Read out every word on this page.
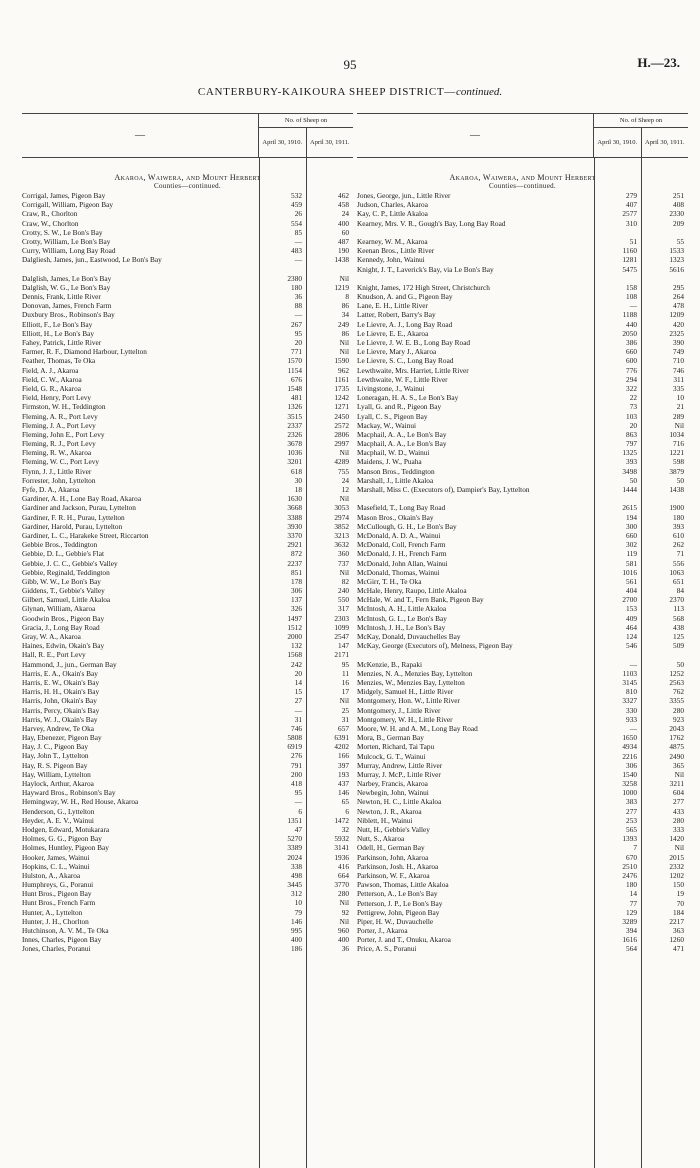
95	H.—23.
CANTERBURY-KAIKOURA SHEEP DISTRICT—continued.
—
No. of Sheep on
April 30, 1910.	April 30, 1911.
Akaroa, Waiwera, and Mount Herbert
Counties—continued.
Corrigal, James, Pigeon Bay	532	462
Corrigall, William, Pigeon Bay	459	458
Craw, R., Chorlton	26	24
Craw, W., Chorlton	554	400
Crotty, S. W., Le Bon's Bay	85	60
Crotty, William, Le Bon's Bay	—	487
Curry, William, Long Bay Road	483	190
Dalgliesh, James, jun., Eastwood, Le Bon's Bay	—	1438
Dalglish, James, Le Bon's Bay	2380	Nil
Dalglish, W. G., Le Bon's Bay	180	1219
Dennis, Frank, Little River	36	8
Donovan, James, French Farm	88	86
Duxbury Bros., Robinson's Bay	—	34
Elliott, F., Le Bon's Bay	267	249
Elliott, H., Le Bon's Bay	95	86
Fahey, Patrick, Little River	20	Nil
Farmer, R. F., Diamond Harbour, Lyttelton	771	Nil
Feather, Thomas, Te Oka	1570	1590
Field, A. J., Akaroa	1154	962
Field, C. W., Akaroa	676	1161
Field, G. R., Akaroa	1548	1735
Field, Henry, Port Levy	481	1242
Firmston, W. H., Teddington	1326	1271
Fleming, A. R., Port Levy	3515	2450
Fleming, J. A., Port Levy	2337	2572
Fleming, John E., Port Levy	2326	2806
Fleming, R. J., Port Levy	3678	2997
Fleming, R. W., Akaroa	1036	Nil
Fleming, W. C., Port Levy	3201	4289
Flynn, J. J., Little River	618	755
Forrester, John, Lyttelton	30	24
Fyfe, D. A., Akaroa	18	12
Gardiner, A. H., Lone Bay Road, Akaroa	1630	Nil
Gardiner and Jackson, Purau, Lyttelton	3668	3053
Gardiner, F. R. H., Purau, Lyttelton	3388	2974
Gardiner, Harold, Purau, Lyttelton	3930	3852
Gardiner, L. C., Harakeke Street, Riccarton	3370	3213
Gebbie Bros., Teddington	2921	3632
Gebbie, D. L., Gebbie's Flat	872	360
Gebbie, J. C. C., Gebbie's Valley	2237	737
Gebbie, Reginald, Teddington	851	Nil
Gibb, W. W., Le Bon's Bay	178	82
Giddens, T., Gebbie's Valley	306	240
Gilbert, Samuel, Little Akaloa	137	550
Glynan, William, Akaroa	326	317
Goodwin Bros., Pigeon Bay	1497	2303
Gracia, J., Long Bay Road	1512	1099
Gray, W. A., Akaroa	2000	2547
Haines, Edwin, Okain's Bay	132	147
Hall, R. E., Port Levy	1568	2171
Hammond, J., jun., German Bay	242	95
Harris, E. A., Okain's Bay	20	11
Harris, E. W., Okain's Bay	14	16
Harris, H. H., Okain's Bay	15	17
Harris, John, Okain's Bay	27	Nil
Harris, Percy, Okain's Bay	—	25
Harris, W. J., Okain's Bay	31	31
Harvey, Andrew, Te Oka	746	657
Hay, Ebenezer, Pigeon Bay	5808	6391
Hay, J. C., Pigeon Bay	6919	4202
Hay, John T., Lyttelton	276	166
Hay, R. S. Pigeon Bay	791	397
Hay, William, Lyttelton	200	193
Haylock, Arthur, Akaroa	418	437
Hayward Bros., Robinson's Bay	95	146
Hemingway, W. H., Red House, Akaroa	—	65
Henderson, G., Lyttelton	6	6
Heyder, A. E. V., Wainui	1351	1472
Hodgen, Edward, Motukarara	47	32
Holmes, G. G., Pigeon Bay	5270	5932
Holmes, Huntley, Pigeon Bay	3389	3141
Hooker, James, Wainui	2024	1936
Hopkins, C. L., Wainui	338	416
Hulston, A., Akaroa	498	664
Humphreys, G., Poranui	3445	3770
Hunt Bros., Pigeon Bay	312	280
Hunt Bros., French Farm	10	Nil
Hunter, A., Lyttelton	79	92
Hunter, J. H., Chorlton	146	Nil
Hutchinson, A. V. M., Te Oka	995	960
Innes, Charles, Pigeon Bay	400	400
Jones, Charles, Poranui	186	36
—
No. of Sheep on
April 30, 1910.	April 30, 1911.
Akaroa, Waiwera, and Mount Herbert
Counties—continued.
Jones, George, jun., Little River	279	251
Judson, Charles, Akaroa	407	408
Kay, C. P., Little Akaloa	2577	2330
Kearney, Mrs. V. R., Gough's Bay, Long Bay Road	310	209
Kearney, W. M., Akaroa	51	55
Keenan Bros., Little River	1160	1533
Kennedy, John, Wainui	1281	1323
Knight, J. T., Laverick's Bay, via Le Bon's Bay	5475	5616
Knight, James, 172 High Street, Christchurch	158	295
Knudson, A. and G., Pigeon Bay	108	264
Lane, E. H., Little River	—	478
Latter, Robert, Barry's Bay	1188	1209
Le Lievre, A. J., Long Bay Road	440	420
Le Lievre, E. E., Akaroa	2050	2325
Le Lievre, J. W. E. B., Long Bay Road	386	390
Le Lievre, Mary J., Akaroa	660	749
Le Lievre, S. C., Long Bay Road	600	710
Lewthwaite, Mrs. Harriet, Little River	776	746
Lewthwaite, W. F., Little River	294	311
Livingstone, J., Wainui	322	335
Loneragan, H. A. S., Le Bon's Bay	22	10
Lyall, G. and R., Pigeon Bay	73	21
Lyall, C. S., Pigeon Bay	103	289
Mackay, W., Wainui	20	Nil
Macphail, A. A., Le Bon's Bay	863	1034
Macphail, A. A., Le Bon's Bay	797	716
Macphail, W. D., Wainui	1325	1221
Maidens, J. W., Puaha	393	598
Manson Bros., Teddington	3498	3879
Marshall, J., Little Akaloa	50	50
Marshall, Miss C. (Executors of), Dampier's Bay, Lyttelton	1444	1438
Masefield, T., Long Bay Road	2615	1900
Mason Bros., Okain's Bay	194	180
McCullough, G. H., Le Bon's Bay	300	393
McDonald, A. D. A., Wainui	660	610
McDonald, Coll, French Farm	302	262
McDonald, J. H., French Farm	119	71
McDonald, John Allan, Wainui	581	556
McDonald, Thomas, Wainui	1016	1063
McGirr, T. H., Te Oka	561	651
McHale, Henry, Raupo, Little Akaloa	404	84
McHale, W. and T., Fern Bank, Pigeon Bay	2700	2370
McIntosh, A. H., Little Akaloa	153	113
McIntosh, G. L., Le Bon's Bay	409	568
McIntosh, J. H., Le Bon's Bay	464	438
McKay, Donald, Duvauchelles Bay	124	125
McKay, George (Executors of), Melness, Pigeon Bay	546	509
McKenzie, B., Rapaki	—	50
Menzies, N. A., Menzies Bay, Lyttelton	1103	1252
Menzies, W., Menzies Bay, Lyttelton	3145	2563
Midgely, Samuel H., Little River	810	762
Montgomery, Hon. W., Little River	3327	3355
Montgomery, J., Little River	330	280
Montgomery, W. H., Little River	933	923
Moore, W. H. and A. M., Long Bay Road	—	2043
Mora, B., German Bay	1650	1762
Morten, Richard, Tai Tapu	4934	4875
Mulcock, G. T., Wainui	2216	2490
Murray, Andrew, Little River	306	365
Murray, J. McP., Little River	1540	Nil
Narbey, Francis, Akaroa	3258	3211
Newbegin, John, Wainui	1000	604
Newton, H. C., Little Akaloa	383	277
Newton, J. R., Akaroa	277	433
Niblett, H., Wainui	253	280
Nutt, H., Gebbie's Valley	565	333
Nutt, S., Akaroa	1393	1420
Odell, H., German Bay	7	Nil
Parkinson, John, Akaroa	670	2015
Parkinson, Josh. H., Akaroa	2510	2332
Parkinson, W. F., Akaroa	2476	1202
Pawson, Thomas, Little Akaloa	180	150
Petterson, A., Le Bon's Bay	14	19
Petterson, J. P., Le Bon's Bay	77	70
Pettigrew, John, Pigeon Bay	129	184
Piper, H. W., Duvauchelle	3289	2217
Porter, J., Akaroa	394	363
Porter, J. and T., Onuku, Akaroa	1616	1260
Price, A. S., Poranui	564	471
